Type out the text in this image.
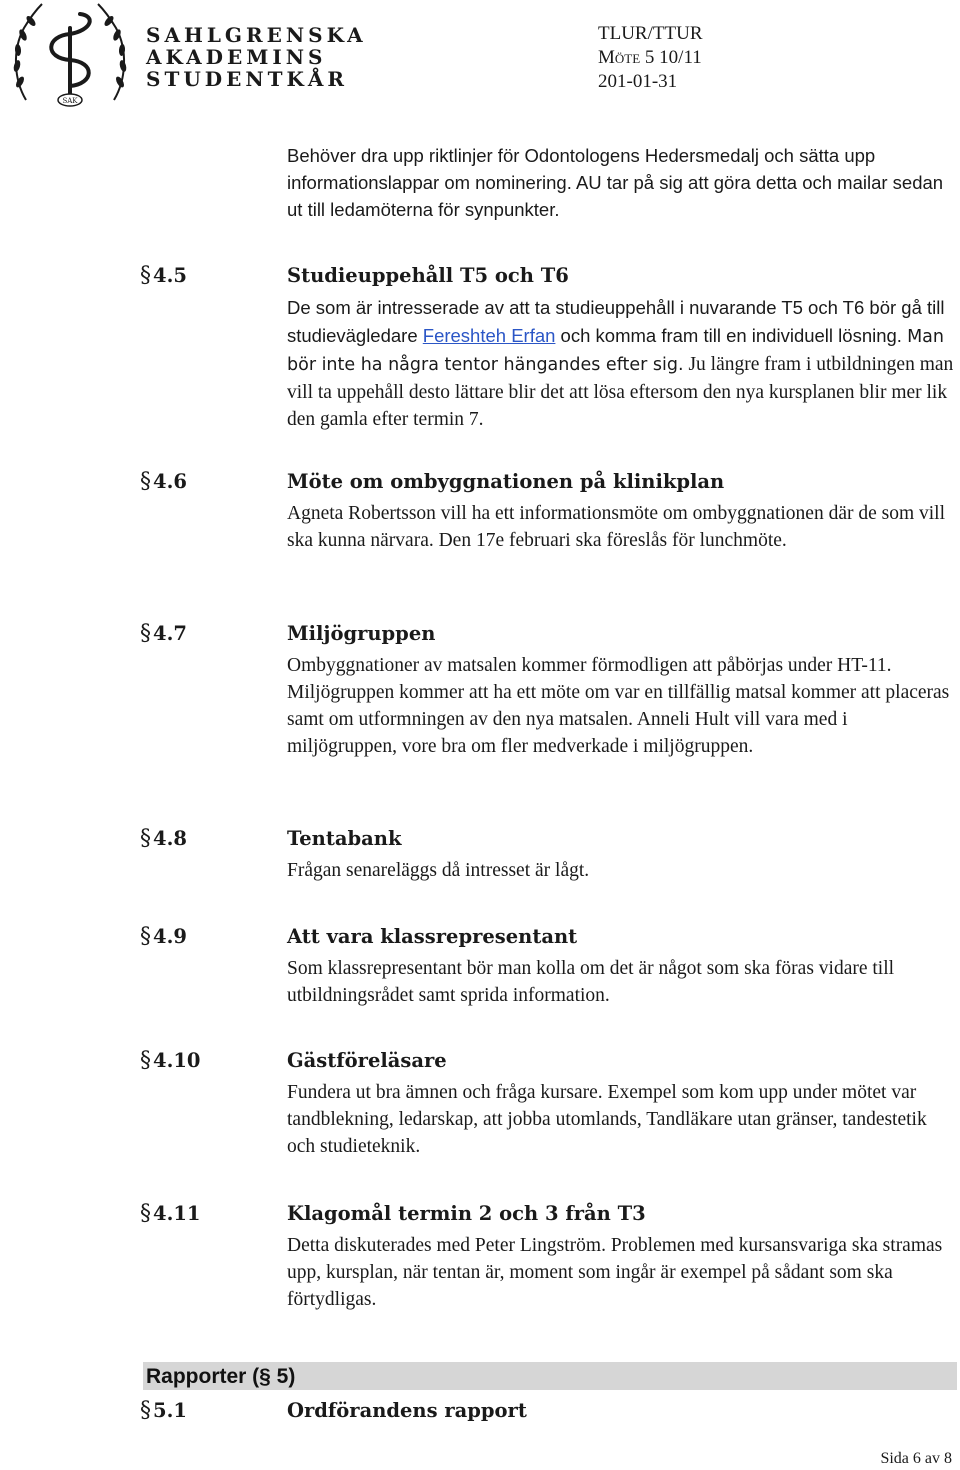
SAK
SAHLGRENSKA
AKADEMINS
STUDENTKÅR
TLUR/TTUR
Möte 5 10/11
201-01-31

Behöver dra upp riktlinjer för Odontologens Hedersmedalj och sätta upp informationslappar om nominering. AU tar på sig att göra detta och mailar sedan ut till ledamöterna för synpunkter.

§ 4.5	Studieuppehåll T5 och T6

De som är intresserade av att ta studieuppehåll i nuvarande T5 och T6 bör gå till studievägledare Fereshteh Erfan och komma fram till en individuell lösning. Man bör inte ha några tentor hängandes efter sig. Ju längre fram i utbildningen man vill ta uppehåll desto lättare blir det att lösa eftersom den nya kursplanen blir mer lik den gamla efter termin 7.

§ 4.6	Möte om ombyggnationen på klinikplan

Agneta Robertsson vill ha ett informationsmöte om ombyggnationen där de som vill ska kunna närvara. Den 17e februari ska föreslås för lunchmöte.

§ 4.7	Miljögruppen

Ombyggnationer av matsalen kommer förmodligen att påbörjas under HT-11. Miljögruppen kommer att ha ett möte om var en tillfällig matsal kommer att placeras samt om utformningen av den nya matsalen. Anneli Hult vill vara med i miljögruppen, vore bra om fler medverkade i miljögruppen.

§ 4.8	Tentabank

Frågan senareläggs då intresset är lågt.

§ 4.9	Att vara klassrepresentant

Som klassrepresentant bör man kolla om det är något som ska föras vidare till utbildningsrådet samt sprida information.

§ 4.10	Gästföreläsare

Fundera ut bra ämnen och fråga kursare. Exempel som kom upp under mötet var tandblekning, ledarskap, att jobba utomlands, Tandläkare utan gränser, tandestetik och studieteknik.

§ 4.11	Klagomål termin 2 och 3 från T3

Detta diskuterades med Peter Lingström. Problemen med kursansvariga ska stramas upp, kursplan, när tentan är, moment som ingår är exempel på sådant som ska förtydligas.

Rapporter (§ 5)
§ 5.1	Ordförandens rapport
Sida 6 av 8
